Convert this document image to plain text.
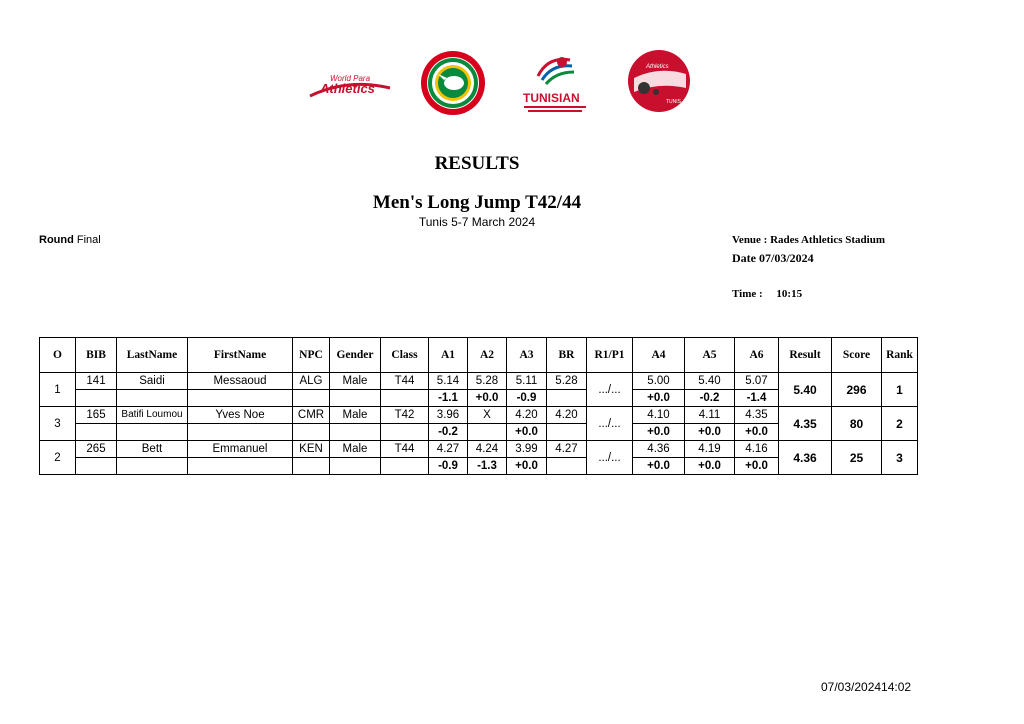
World Para
Athletics
TUNISIAN
Athletics
TUNIS
RESULTS
Men's Long Jump T42/44
Tunis 5-7 March 2024
Round Final	Venue : Rades Athletics Stadium
Date 07/03/2024
Time :     10:15
O	BIB	LastName	FirstName	NPC	Gender	Class	A1	A2	A3	BR	R1/P1	A4	A5	A6	Result	Score	Rank
1	141	Saidi	Messaoud	ALG	Male	T44	5.14	5.28	5.11	5.28	.../...	5.00	5.40	5.07	5.40	296	1
							-1.1	+0.0	-0.9			+0.0	-0.2	-1.4			
3	165	Batifi Loumou	Yves Noe	CMR	Male	T42	3.96	X	4.20	4.20	.../...	4.10	4.11	4.35	4.35	80	2
							-0.2		+0.0			+0.0	+0.0	+0.0			
2	265	Bett	Emmanuel	KEN	Male	T44	4.27	4.24	3.99	4.27	.../...	4.36	4.19	4.16	4.36	25	3
							-0.9	-1.3	+0.0			+0.0	+0.0	+0.0			
07/03/202414:02
